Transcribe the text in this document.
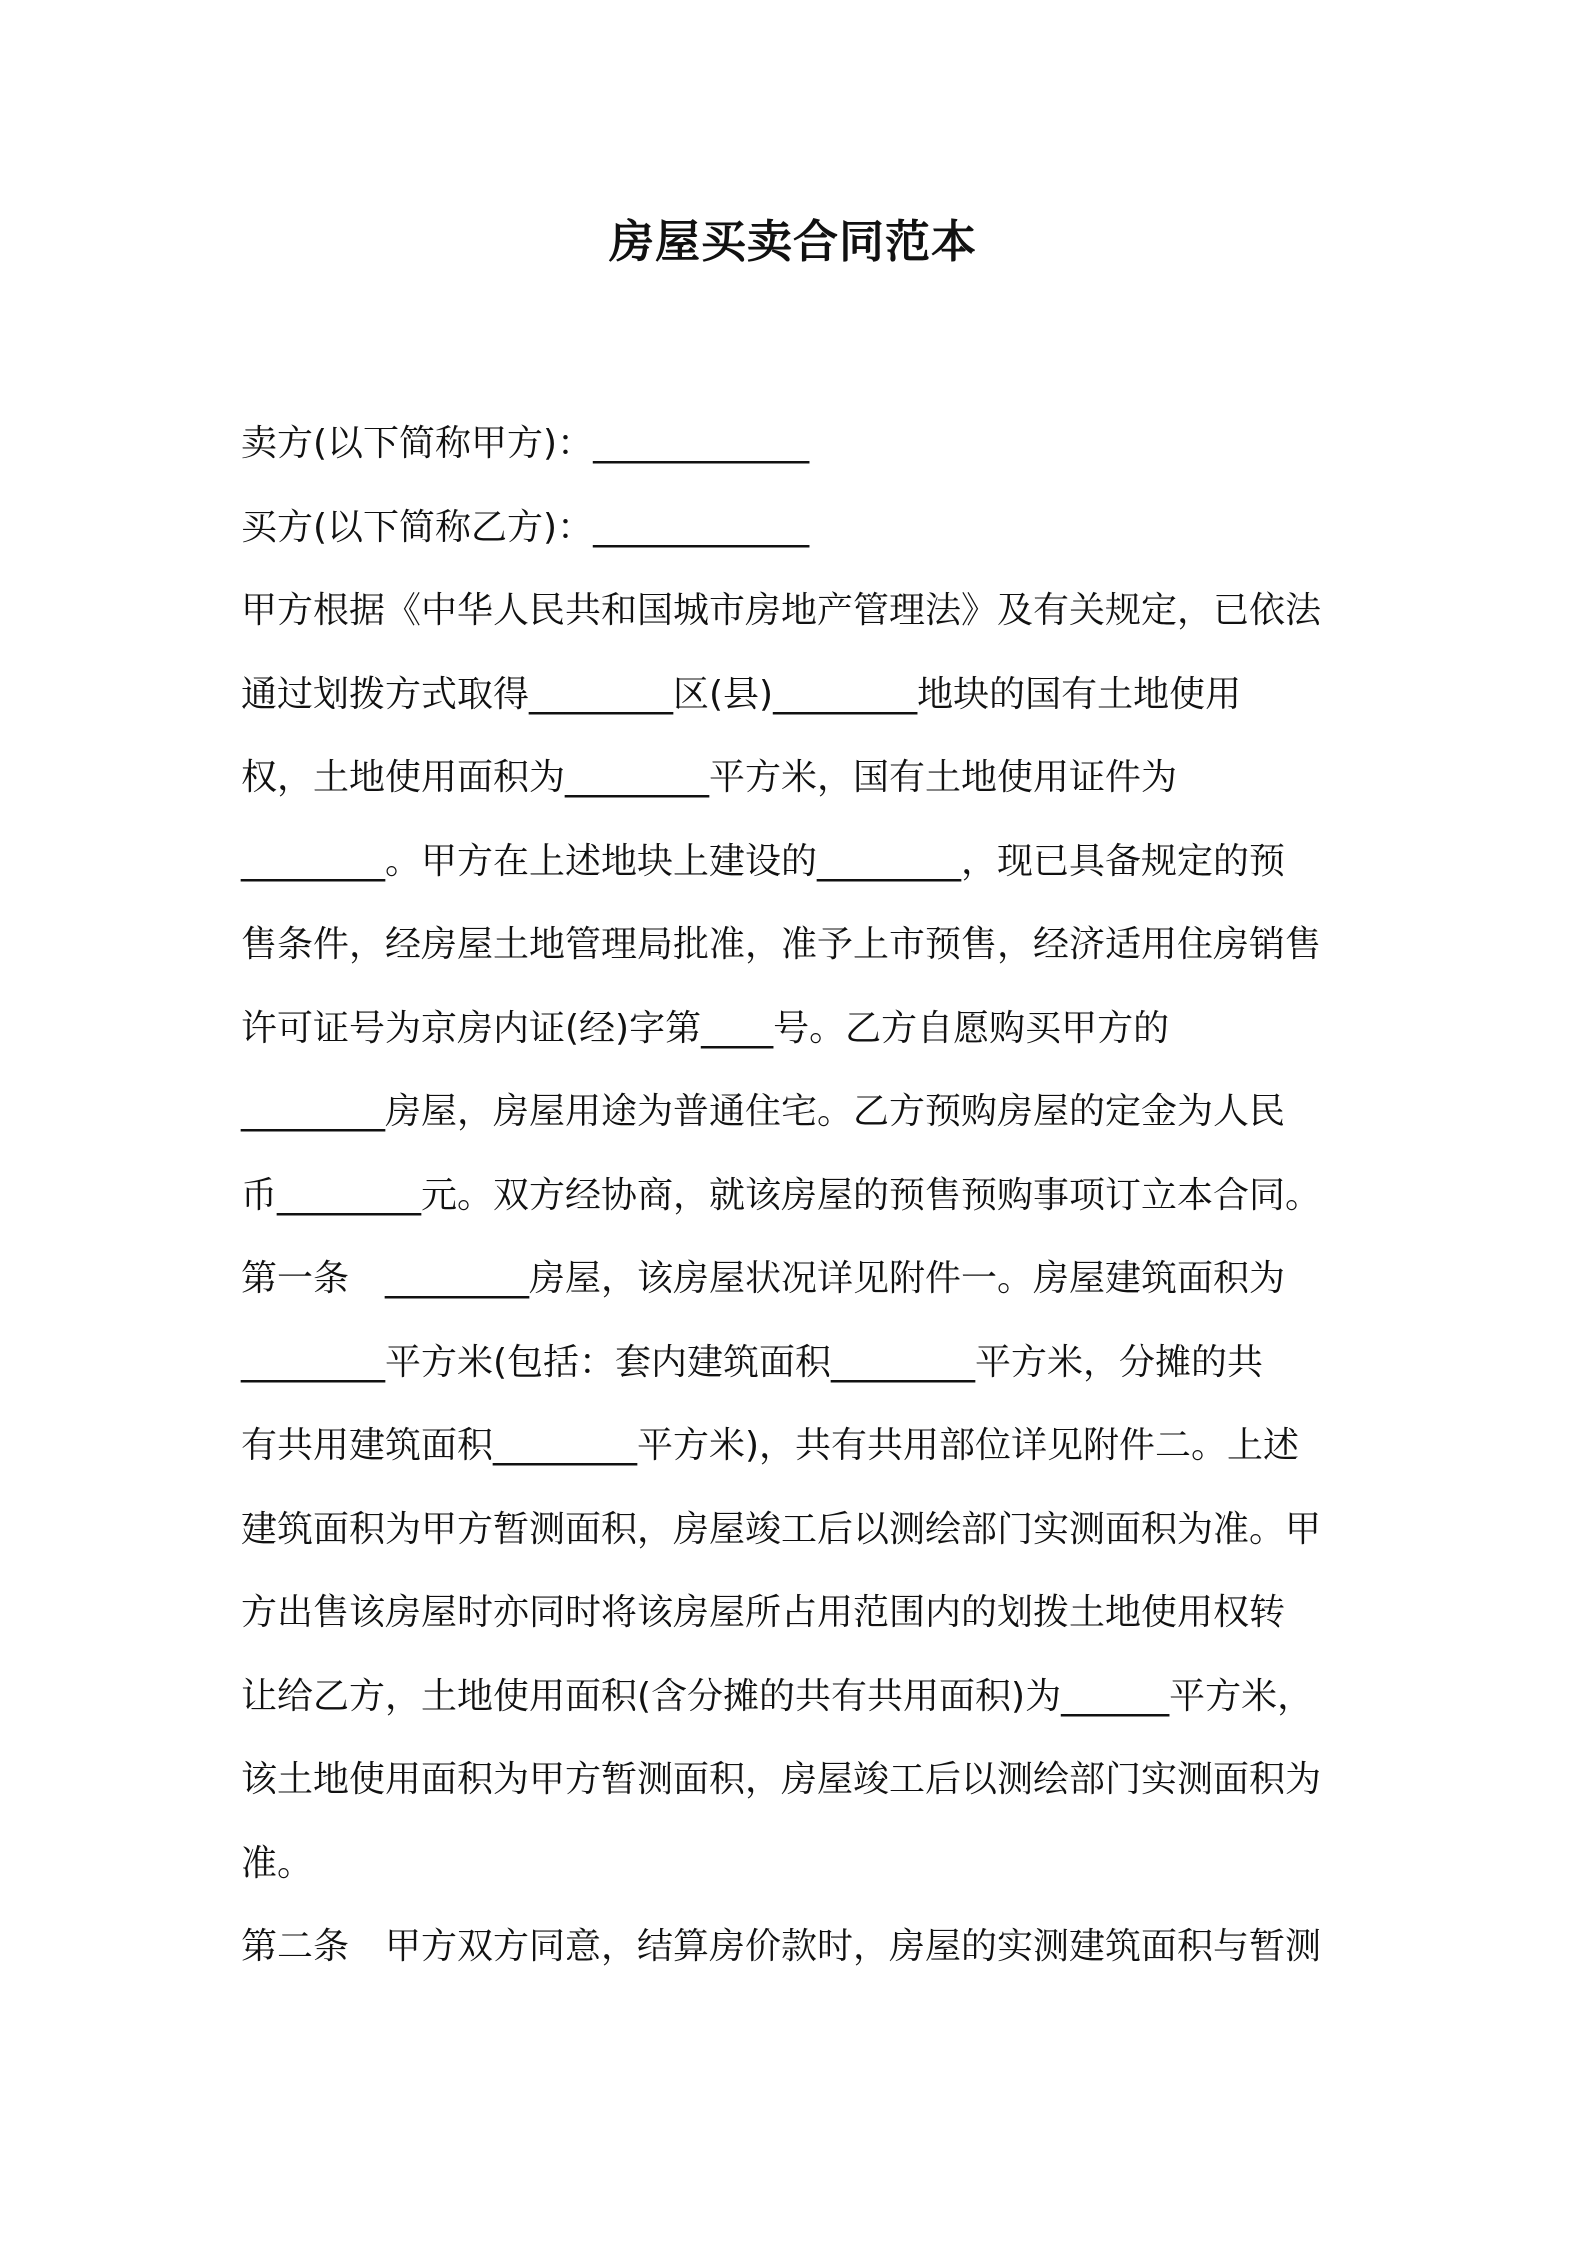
房屋买卖合同范本
卖方(以下简称甲方)：____________
买方(以下简称乙方)：____________
甲方根据《中华人民共和国城市房地产管理法》及有关规定，已依法
通过划拨方式取得________区(县)________地块的国有土地使用
权，土地使用面积为________平方米，国有土地使用证件为
________。甲方在上述地块上建设的________，现已具备规定的预
售条件，经房屋土地管理局批准，准予上市预售，经济适用住房销售
许可证号为京房内证(经)字第____号。乙方自愿购买甲方的
________房屋，房屋用途为普通住宅。乙方预购房屋的定金为人民
币________元。双方经协商，就该房屋的预售预购事项订立本合同。
第一条　________房屋，该房屋状况详见附件一。房屋建筑面积为
________平方米(包括：套内建筑面积________平方米，分摊的共
有共用建筑面积________平方米)，共有共用部位详见附件二。上述
建筑面积为甲方暂测面积，房屋竣工后以测绘部门实测面积为准。甲
方出售该房屋时亦同时将该房屋所占用范围内的划拨土地使用权转
让给乙方，土地使用面积(含分摊的共有共用面积)为______平方米，
该土地使用面积为甲方暂测面积，房屋竣工后以测绘部门实测面积为
准。
第二条　甲方双方同意，结算房价款时，房屋的实测建筑面积与暂测
